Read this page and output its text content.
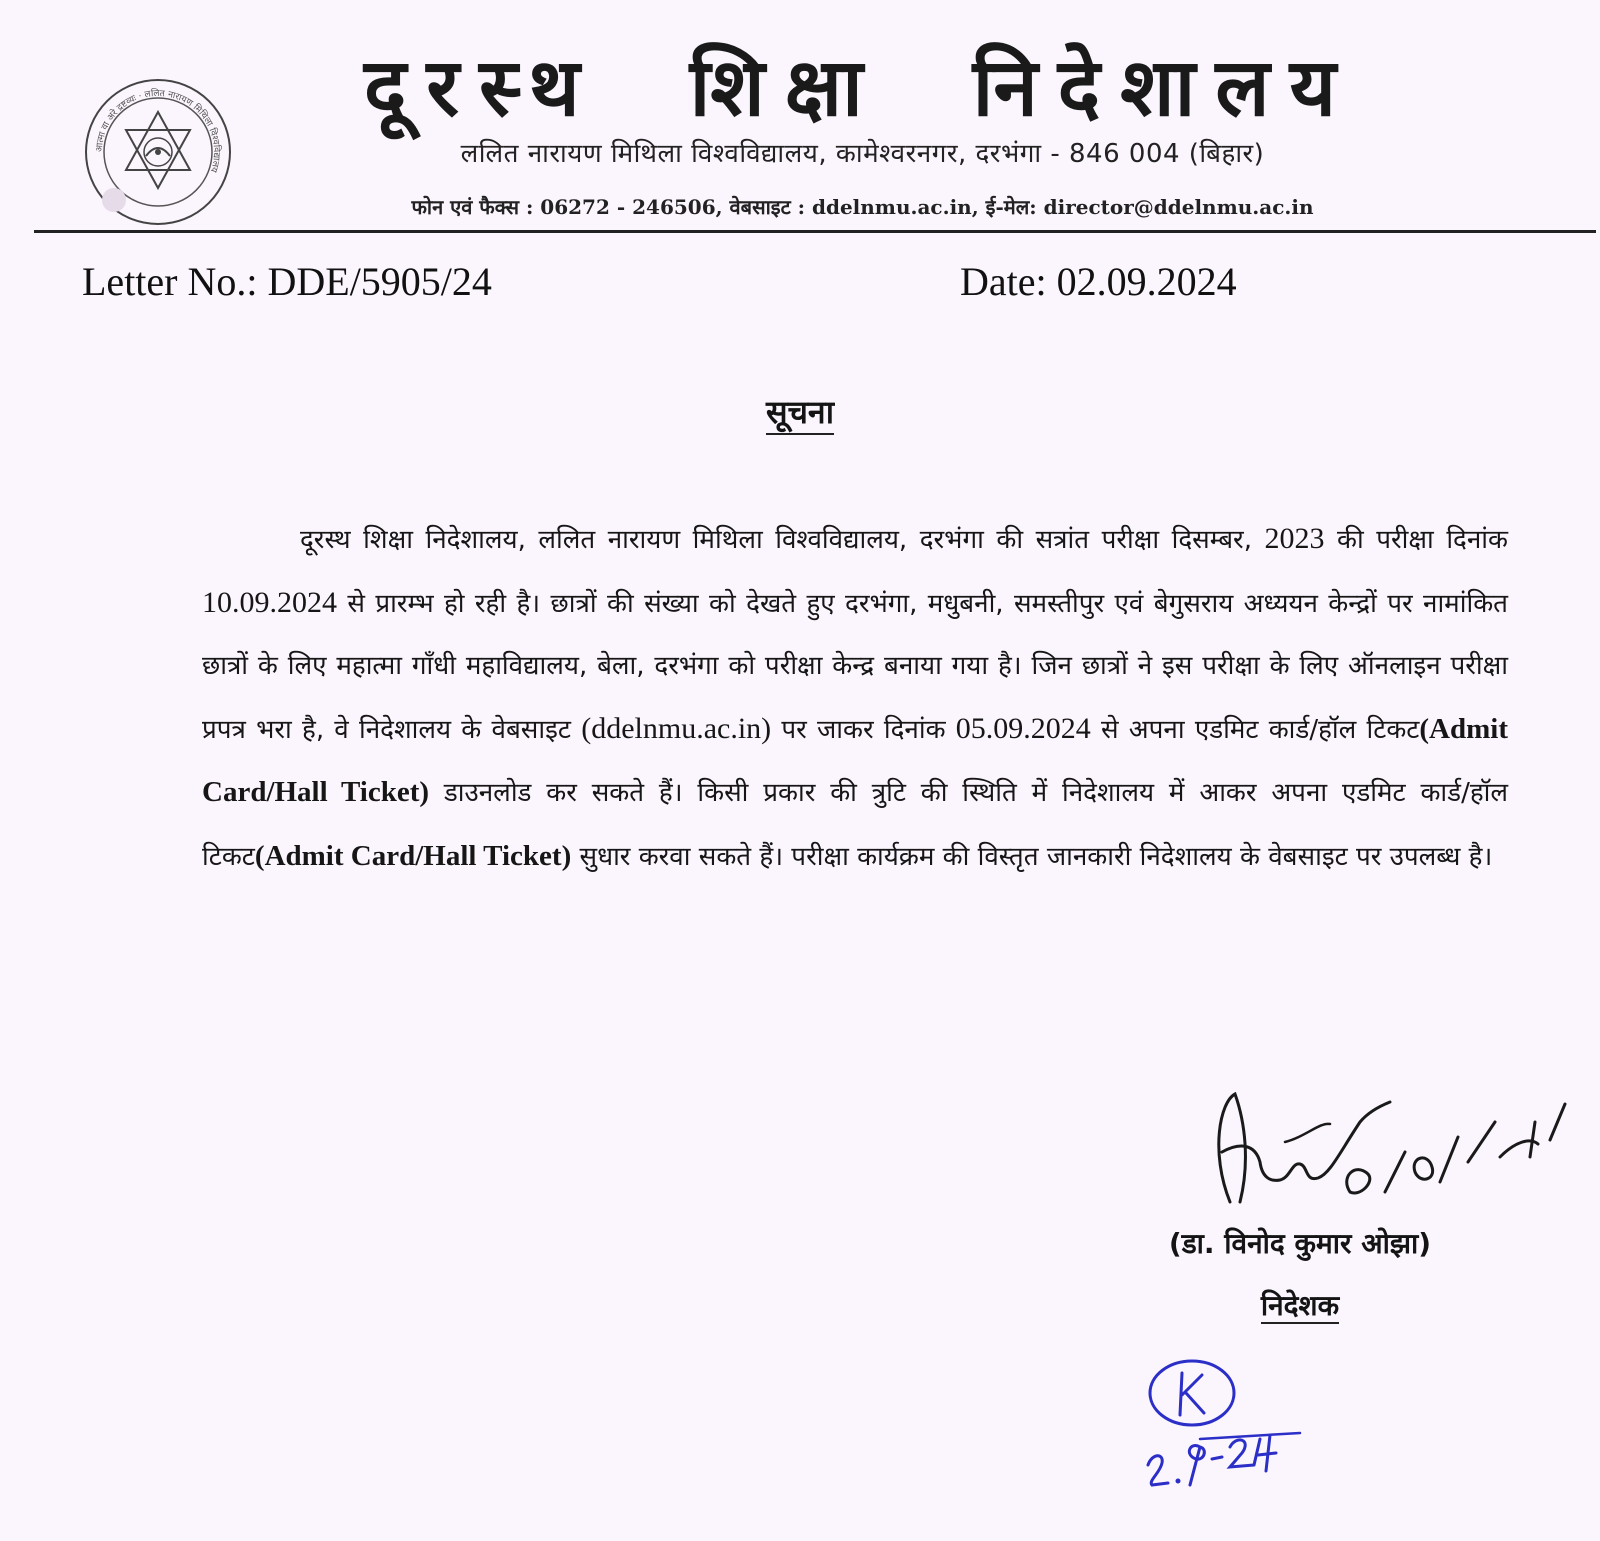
आत्मा वा अरे द्रष्टव्यः · ललित नारायण मिथिला विश्वविद्यालय
दूरस्थ शिक्षा निदेशालय
ललित नारायण मिथिला विश्वविद्यालय, कामेश्वरनगर, दरभंगा - 846 004 (बिहार)
फोन एवं फैक्स : 06272 - 246506, वेबसाइट : ddelnmu.ac.in, ई-मेल: director@ddelnmu.ac.in
Letter No.: DDE/5905/24	Date: 02.09.2024
सूचना
दूरस्थ शिक्षा निदेशालय, ललित नारायण मिथिला विश्वविद्यालय, दरभंगा की सत्रांत परीक्षा दिसम्बर, 2023 की परीक्षा दिनांक 10.09.2024 से प्रारम्भ हो रही है। छात्रों की संख्या को देखते हुए दरभंगा, मधुबनी, समस्तीपुर एवं बेगुसराय अध्ययन केन्द्रों पर नामांकित छात्रों के लिए महात्मा गाँधी महाविद्यालय, बेला, दरभंगा को परीक्षा केन्द्र बनाया गया है। जिन छात्रों ने इस परीक्षा के लिए ऑनलाइन परीक्षा प्रपत्र भरा है, वे निदेशालय के वेबसाइट (ddelnmu.ac.in) पर जाकर दिनांक 05.09.2024 से अपना एडमिट कार्ड/हॉल टिकट(Admit Card/Hall Ticket) डाउनलोड कर सकते हैं। किसी प्रकार की त्रुटि की स्थिति में निदेशालय में आकर अपना एडमिट कार्ड/हॉल टिकट(Admit Card/Hall Ticket) सुधार करवा सकते हैं। परीक्षा कार्यक्रम की विस्तृत जानकारी निदेशालय के वेबसाइट पर उपलब्ध है।
(डा. विनोद कुमार ओझा)
निदेशक
